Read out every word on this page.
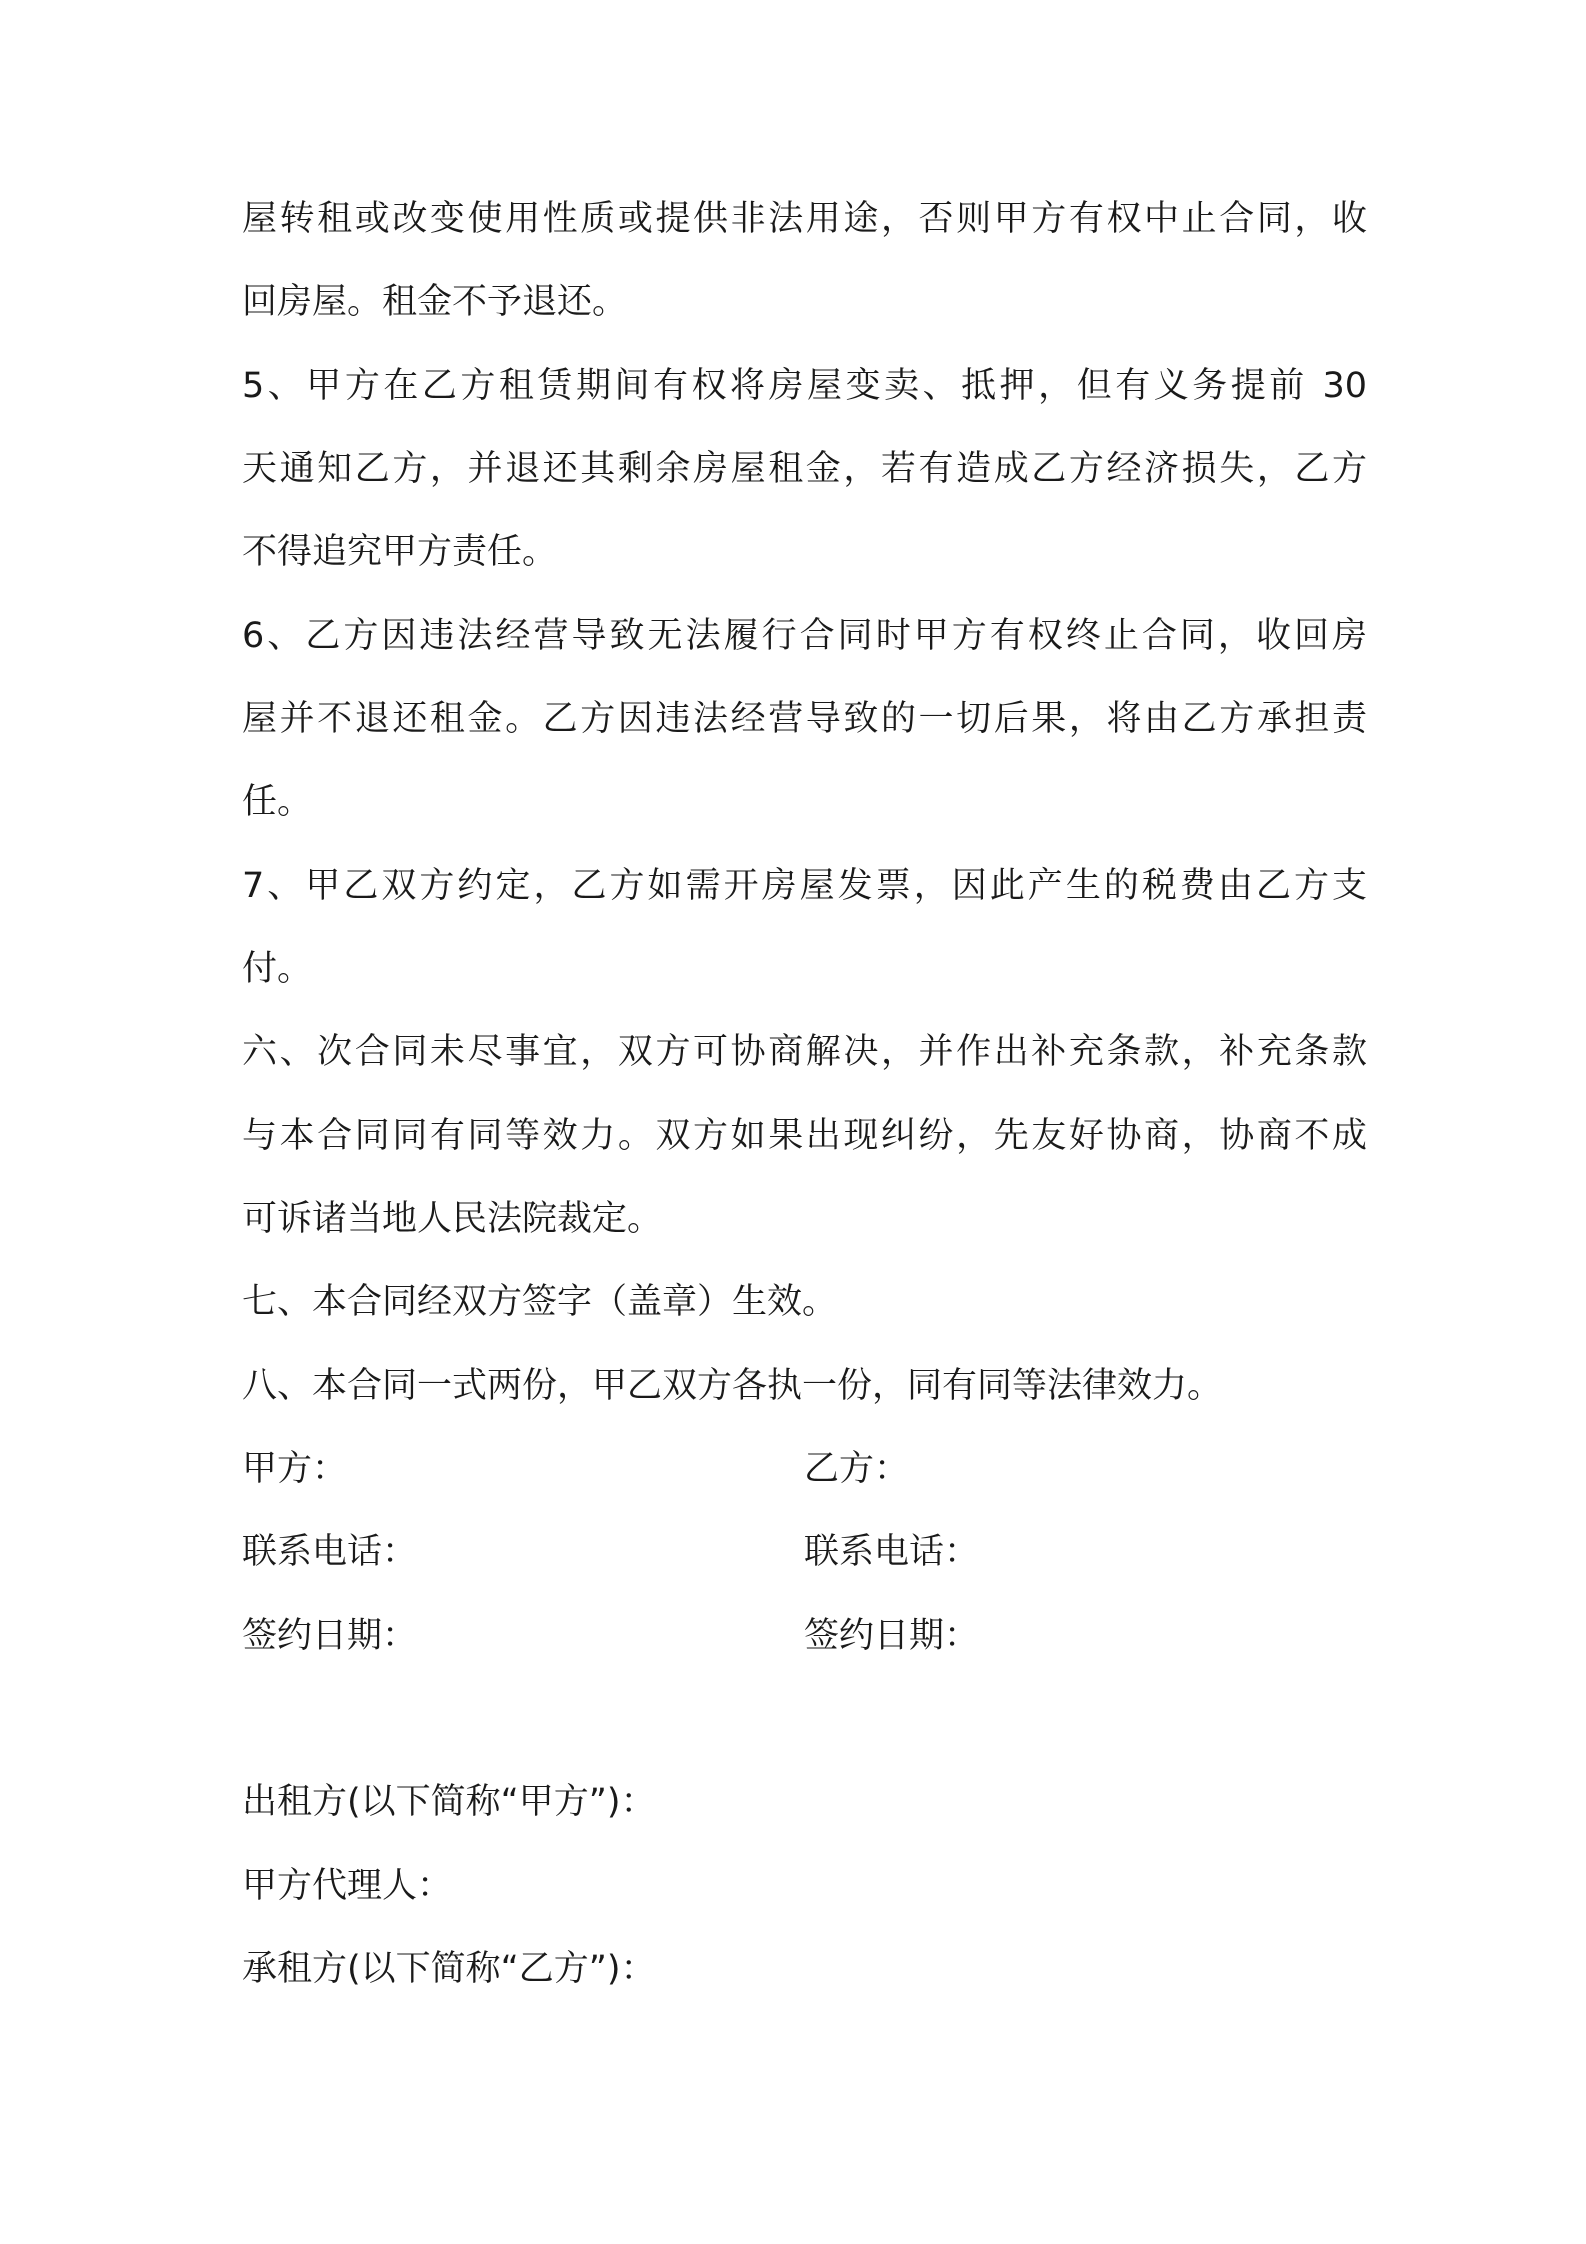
屋转租或改变使用性质或提供非法用途，否则甲方有权中止合同，收
回房屋。租金不予退还。
5、甲方在乙方租赁期间有权将房屋变卖、抵押，但有义务提前 30
天通知乙方，并退还其剩余房屋租金，若有造成乙方经济损失，乙方
不得追究甲方责任。
6、乙方因违法经营导致无法履行合同时甲方有权终止合同，收回房
屋并不退还租金。乙方因违法经营导致的一切后果，将由乙方承担责
任。
7、甲乙双方约定，乙方如需开房屋发票，因此产生的税费由乙方支
付。
六、次合同未尽事宜，双方可协商解决，并作出补充条款，补充条款
与本合同同有同等效力。双方如果出现纠纷，先友好协商，协商不成
可诉诸当地人民法院裁定。
七、本合同经双方签字（盖章）生效。
八、本合同一式两份，甲乙双方各执一份，同有同等法律效力。
甲方：	乙方：
联系电话：	联系电话：
签约日期：	签约日期：
出租方(以下简称“甲方”)：
甲方代理人：
承租方(以下简称“乙方”)：
